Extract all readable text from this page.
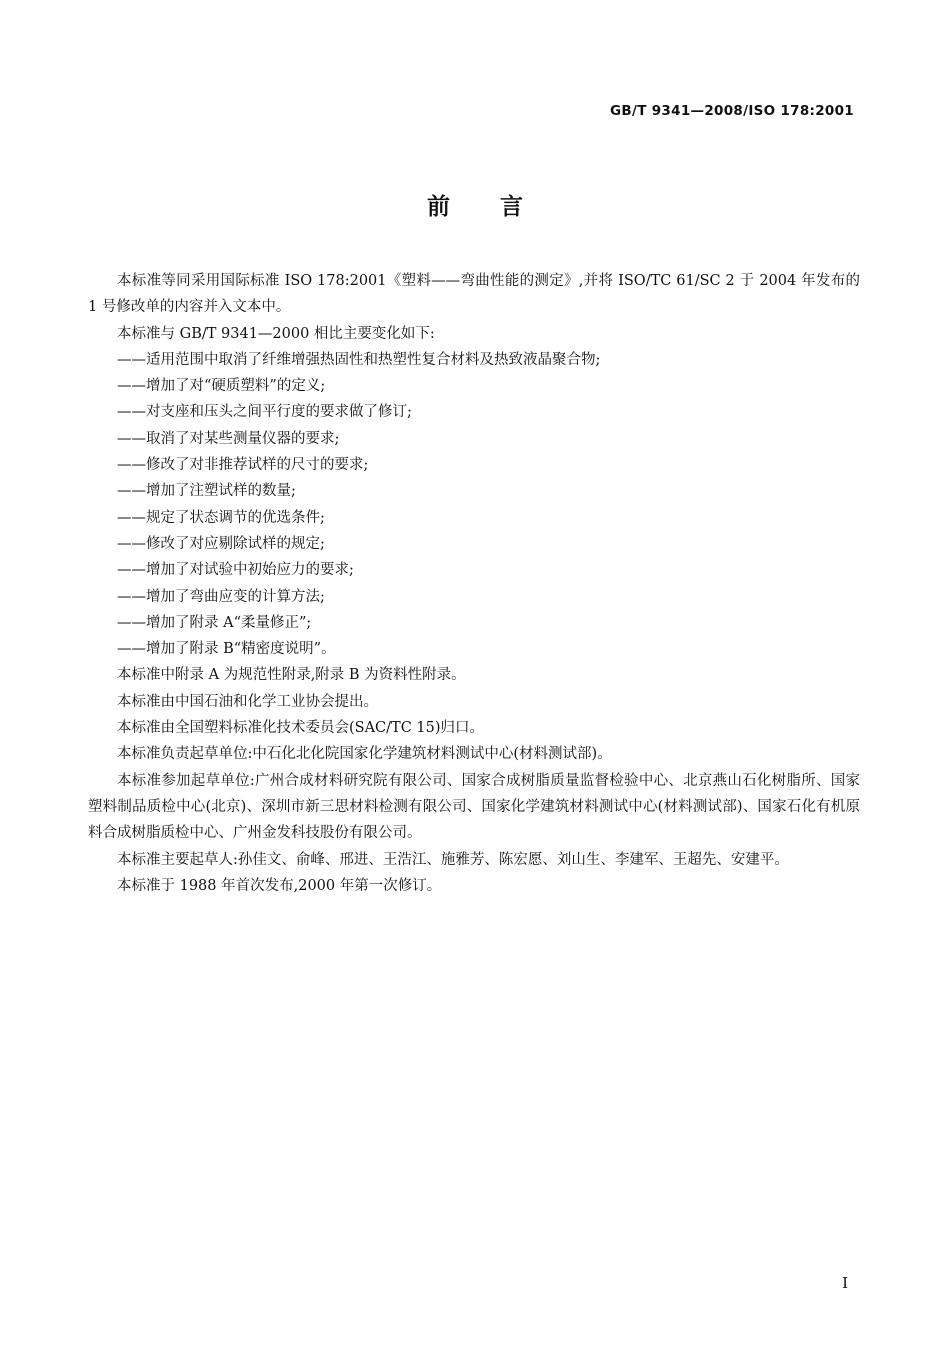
GB/T 9341—2008/ISO 178:2001
前言

本标准等同采用国际标准 ISO 178:2001《塑料——弯曲性能的测定》,并将 ISO/TC 61/SC 2 于 2004 年发布的 1 号修改单的内容并入文本中。

本标准与 GB/T 9341—2000 相比主要变化如下:

——适用范围中取消了纤维增强热固性和热塑性复合材料及热致液晶聚合物;

——增加了对“硬质塑料”的定义;

——对支座和压头之间平行度的要求做了修订;

——取消了对某些测量仪器的要求;

——修改了对非推荐试样的尺寸的要求;

——增加了注塑试样的数量;

——规定了状态调节的优选条件;

——修改了对应剔除试样的规定;

——增加了对试验中初始应力的要求;

——增加了弯曲应变的计算方法;

——增加了附录 A“柔量修正”;

——增加了附录 B“精密度说明”。

本标准中附录 A 为规范性附录,附录 B 为资料性附录。

本标准由中国石油和化学工业协会提出。

本标准由全国塑料标准化技术委员会(SAC/TC 15)归口。

本标准负责起草单位:中石化北化院国家化学建筑材料测试中心(材料测试部)。

本标准参加起草单位:广州合成材料研究院有限公司、国家合成树脂质量监督检验中心、北京燕山石化树脂所、国家塑料制品质检中心(北京)、深圳市新三思材料检测有限公司、国家化学建筑材料测试中心(材料测试部)、国家石化有机原料合成树脂质检中心、广州金发科技股份有限公司。

本标准主要起草人:孙佳文、俞峰、邢进、王浩江、施雅芳、陈宏愿、刘山生、李建军、王超先、安建平。

本标准于 1988 年首次发布,2000 年第一次修订。

I
